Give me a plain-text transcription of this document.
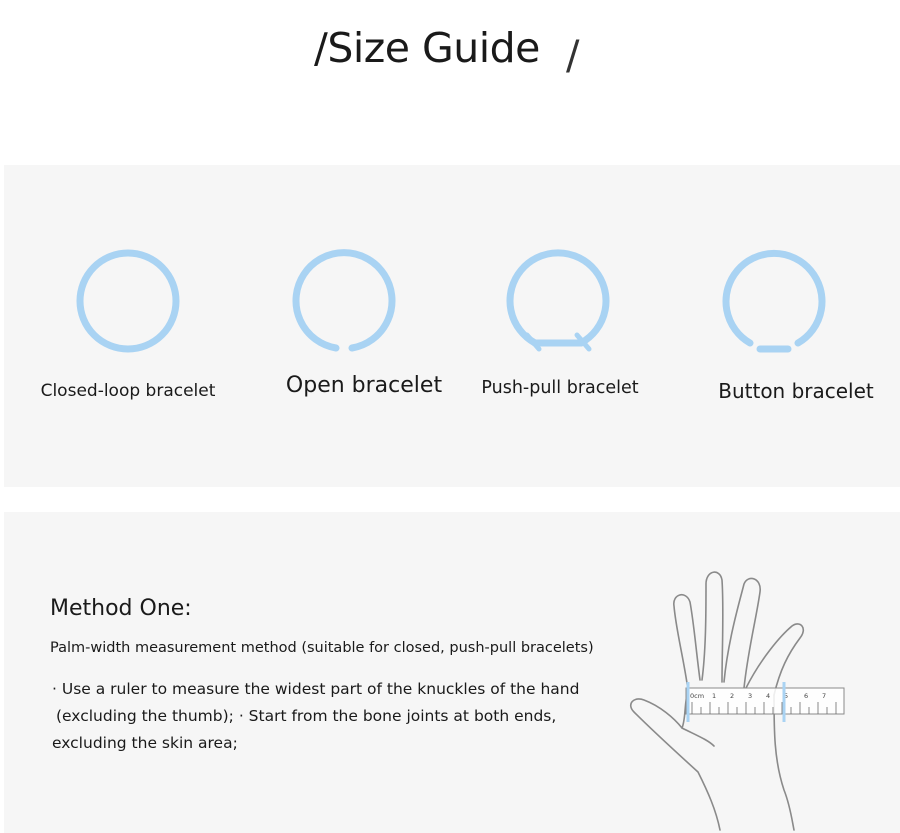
/Size Guide /
Closed-loop bracelet	Open bracelet	Push-pull bracelet	Button bracelet
Method One:
Palm-width measurement method (suitable for closed, push-pull bracelets)
· Use a ruler to measure the widest part of the knuckles of the hand
(excluding the thumb); · Start from the bone joints at both ends,
excluding the skin area;
0cm 1 2 3 4 5 6 7
